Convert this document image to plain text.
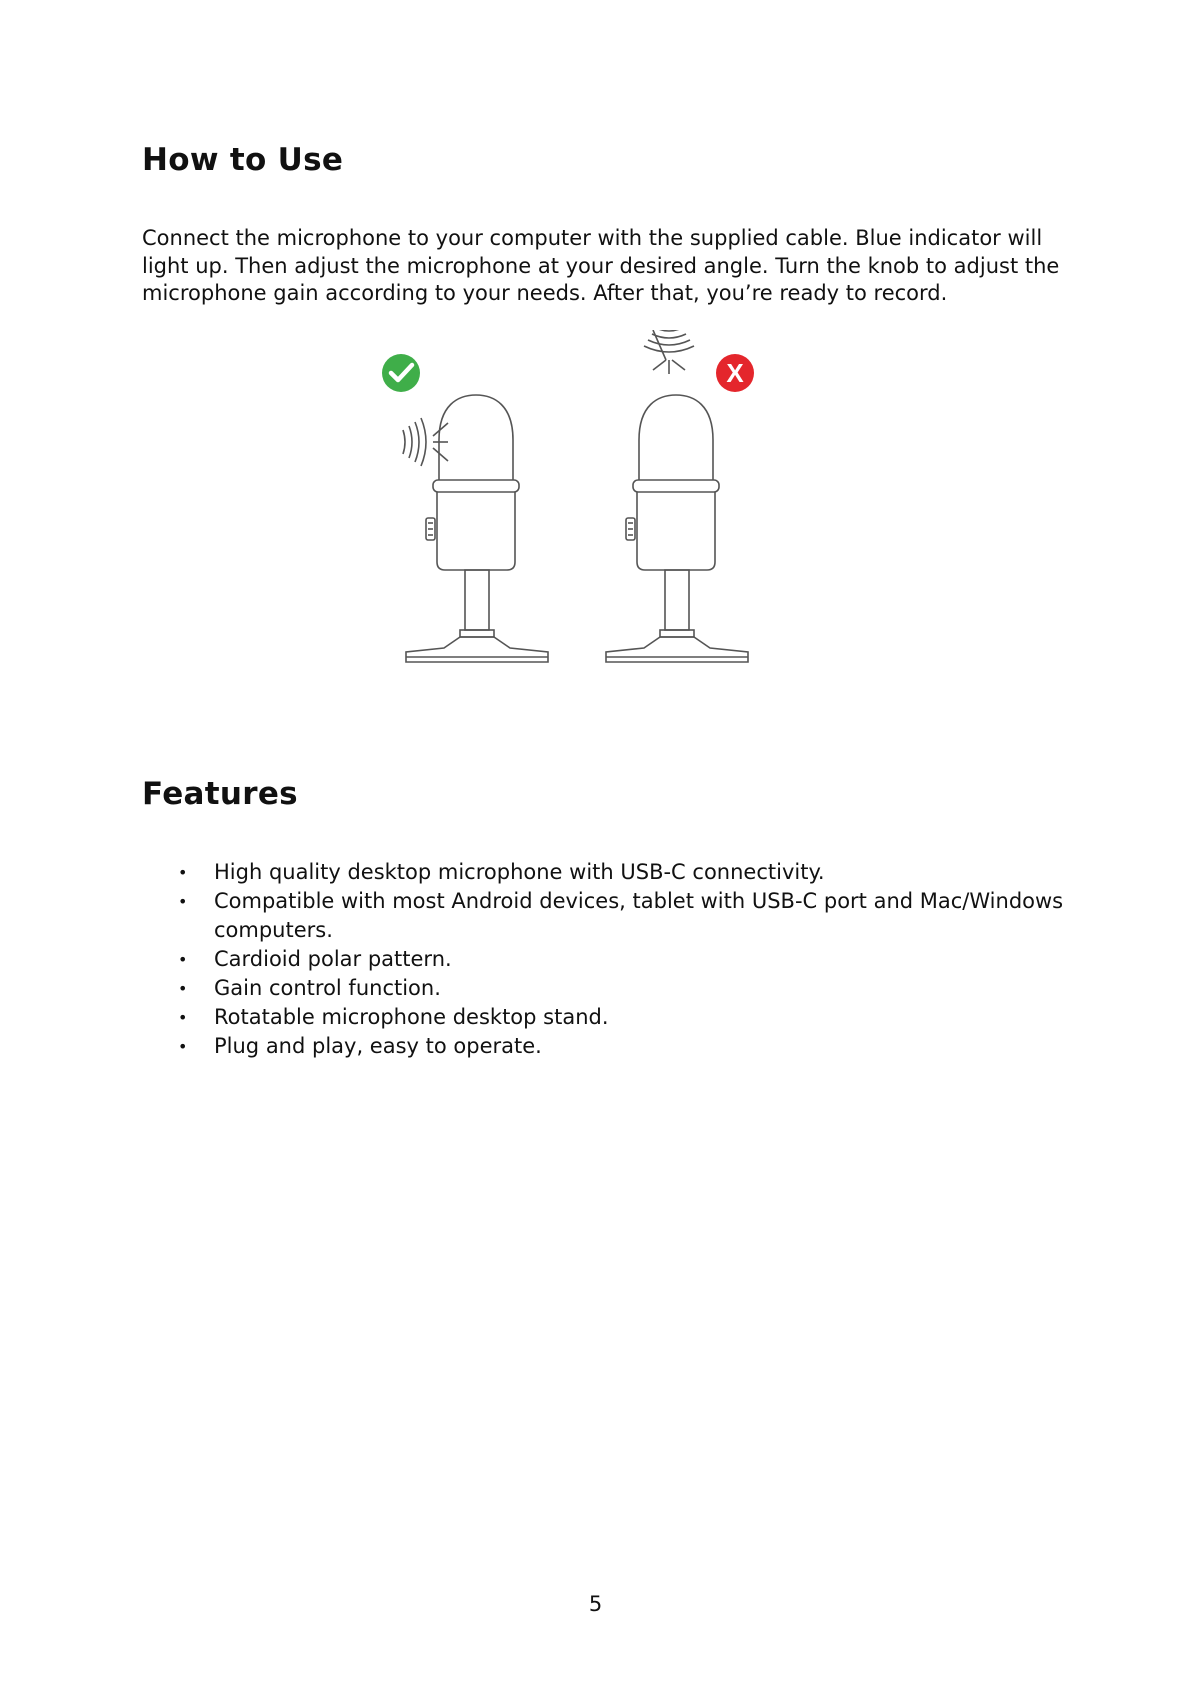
How to Use

Connect the microphone to your computer with the supplied cable. Blue indicator will light up. Then adjust the microphone at your desired angle. Turn the knob to adjust the microphone gain according to your needs. After that, you’re ready to record.

X
Features
• High quality desktop microphone with USB-C connectivity.
• Compatible with most Android devices, tablet with USB-C port and Mac/Windows computers.
• Cardioid polar pattern.
• Gain control function.
• Rotatable microphone desktop stand.
• Plug and play, easy to operate.
5
